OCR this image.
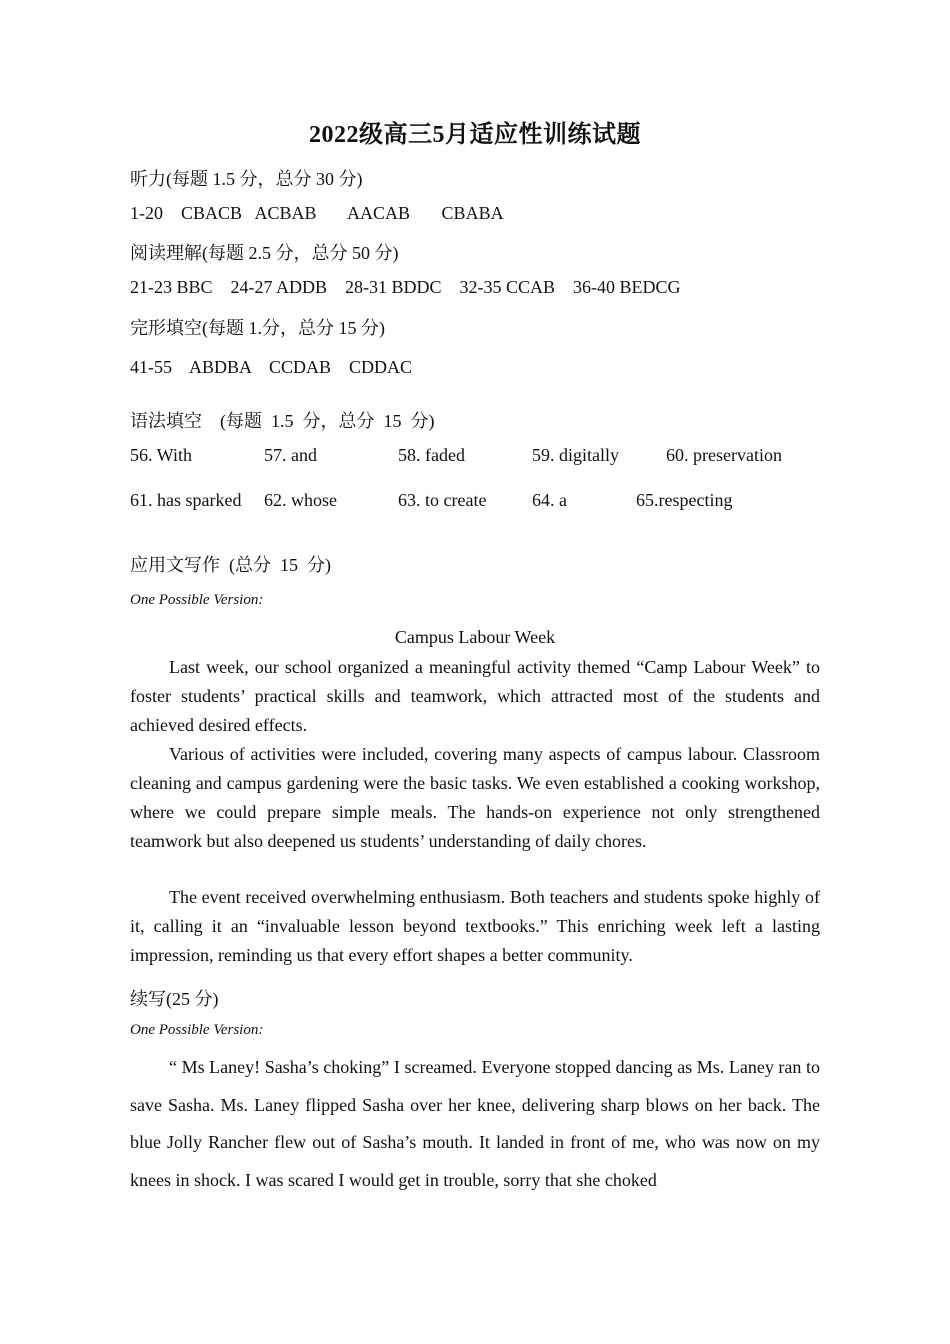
2022级高三5月适应性训练试题
听力(每题 1.5 分，总分 30 分)
1-20    CBACB   ACBAB       AACAB       CBABA
阅读理解(每题 2.5 分，总分 50 分)
21-23 BBC    24-27 ADDB    28-31 BDDC    32-35 CCAB    36-40 BEDCG
完形填空(每题 1.分，总分 15 分)
41-55    ABDBA    CCDAB    CDDAC
语法填空    (每题  1.5  分，总分  15  分)
56. With	57. and	58. faded	59. digitally	60. preservation
61. has sparked 62. whose	63. to create	64. a	65.respecting
应用文写作  (总分  15  分)
One Possible Version:
Campus Labour Week

Last week, our school organized a meaningful activity themed “Camp Labour Week” to foster students’ practical skills and teamwork, which attracted most of the students and achieved desired effects.

Various of activities were included, covering many aspects of campus labour. Classroom cleaning and campus gardening were the basic tasks. We even established a cooking workshop, where we could prepare simple meals. The hands-on experience not only strengthened teamwork but also deepened us students’ understanding of daily chores.

The event received overwhelming enthusiasm. Both teachers and students spoke highly of it, calling it an “invaluable lesson beyond textbooks.” This enriching week left a lasting impression, reminding us that every effort shapes a better community.

续写(25 分)
One Possible Version:

“ Ms Laney! Sasha’s choking” I screamed. Everyone stopped dancing as Ms. Laney ran to save Sasha. Ms. Laney flipped Sasha over her knee, delivering sharp blows on her back. The blue Jolly Rancher flew out of Sasha’s mouth. It landed in front of me, who was now on my knees in shock. I was scared I would get in trouble, sorry that she choked
